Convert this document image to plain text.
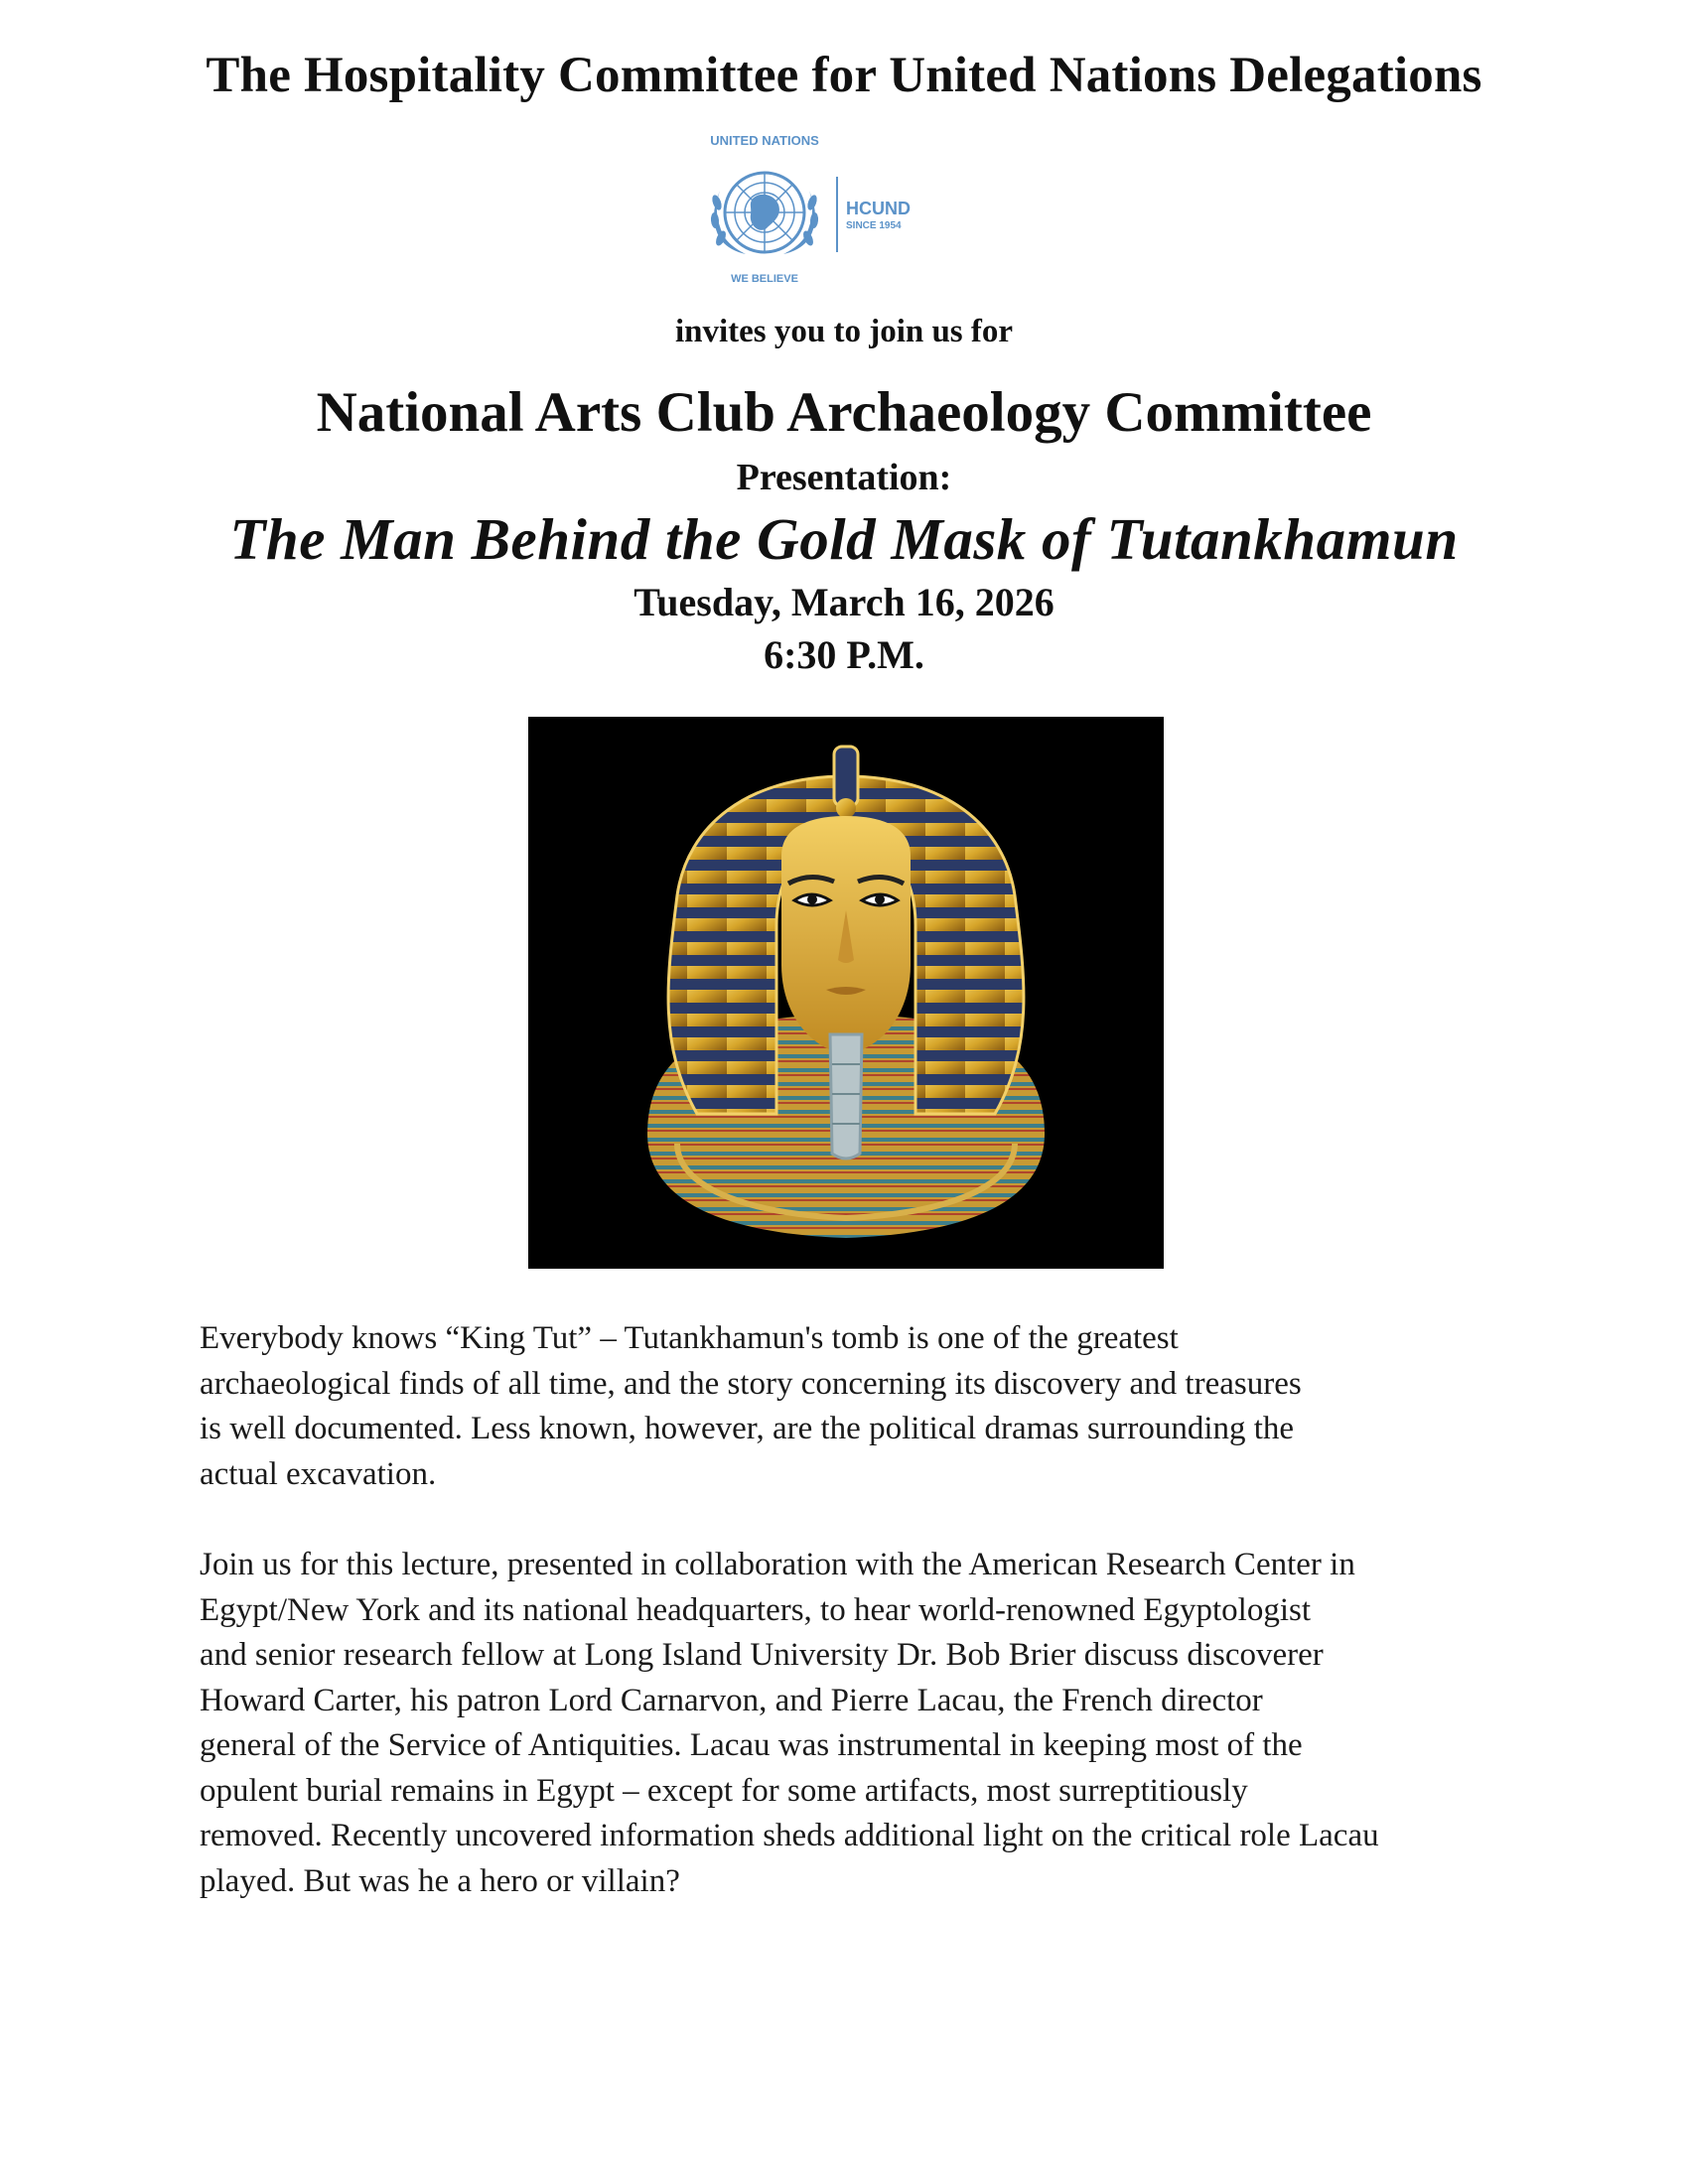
The Hospitality Committee for United Nations Delegations
UNITED NATIONS
WE BELIEVE
HCUND
SINCE 1954
invites you to join us for
National Arts Club Archaeology Committee
Presentation:
The Man Behind the Gold Mask of Tutankhamun
Tuesday, March 16, 2026
6:30 P.M.
Everybody knows “King Tut” – Tutankhamun's tomb is one of the greatest
archaeological finds of all time, and the story concerning its discovery and treasures
is well documented. Less known, however, are the political dramas surrounding the
actual excavation.
Join us for this lecture, presented in collaboration with the American Research Center in
Egypt/New York and its national headquarters, to hear world-renowned Egyptologist
and senior research fellow at Long Island University Dr. Bob Brier discuss discoverer
Howard Carter, his patron Lord Carnarvon, and Pierre Lacau, the French director
general of the Service of Antiquities. Lacau was instrumental in keeping most of the
opulent burial remains in Egypt – except for some artifacts, most surreptitiously
removed. Recently uncovered information sheds additional light on the critical role Lacau
played. But was he a hero or villain?
